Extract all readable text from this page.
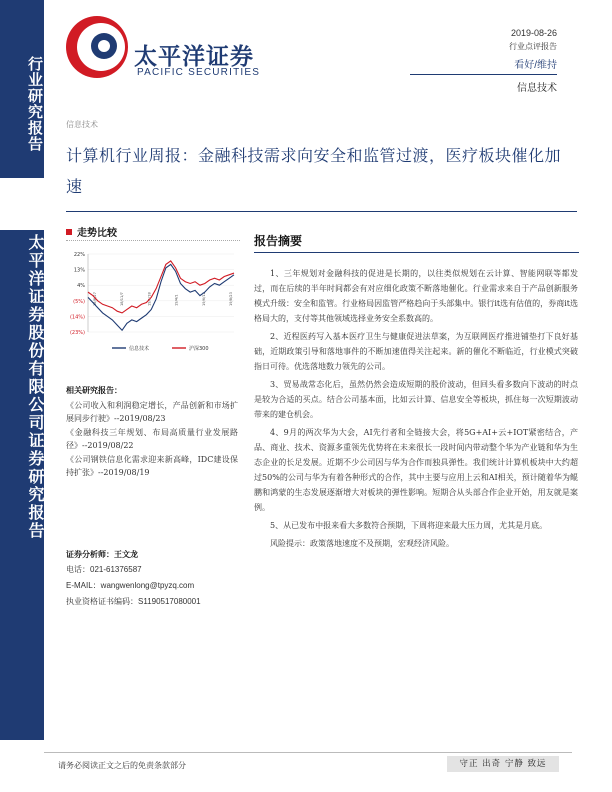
行业研究报告
太平洋证券股份有限公司证券研究报告
太平洋证券
PACIFIC SECURITIES
2019-08-26
行业点评报告
看好/维持
信息技术
信息技术
计算机行业周报：金融科技需求向安全和监管过渡，医疗板块催化加速
走势比较
22%
13%
4%
(5%)
(14%)
(23%)
18/8/27	18/11/7	19/1/18	19/4/1	19/6/12	19/8/23
信息技术	沪深300
相关研究报告：
《公司收入和利润稳定增长，产品创新和市场扩展同步行驶》--2019/08/23
《金融科技三年规划、布局高质量行业发展路径》--2019/08/22
《公司钢铁信息化需求迎来新高峰，IDC建设保持扩张》--2019/08/19
证券分析师：王文龙
电话：021-61376587
E-MAIL：wangwenlong@tpyzq.com
执业资格证书编码：S1190517080001
报告摘要

1、三年规划对金融科技的促进是长期的，以往类似规划在云计算、智能网联等都发过，而在后续的半年时间都会有对应细化政策不断落地催化。行业需求来自于产品创新服务模式升级：安全和监管。行业格局因监管严格趋向于头部集中。银行it选有估值的，券商it选格局大的，支付等其他领域选择业务安全系数高的。

2、近程医药写入基本医疗卫生与健康促进法草案，为互联网医疗推进铺垫打下良好基础，近期政策引导和落地事件的不断加速值得关注起来。新的催化不断临近，行业模式突破指日可待。优选落地数力领先的公司。

3、贸易战常态化后，虽然仍然会造成短期的股价波动，但回头看多数向下波动的时点是较为合适的买点。结合公司基本面，比如云计算、信息安全等板块，抓住每一次短期波动带来的建仓机会。

4、9月的两次华为大会，AI先行者和全链接大会，将5G+AI+云+IOT紧密结合，产品、商业、技术、资源多重领先优势将在未来很长一段时间内带动整个华为产业链和华为生态企业的长足发展。近期不少公司因与华为合作而独具弹性。我们统计计算机板块中大约超过50%的公司与华为有着各种形式的合作，其中主要与应用上云和AI相关，预计随着华为鲲鹏和鸿蒙的生态发展逐渐增大对板块的弹性影响。短期合从头部合作企业开始，用友就是案例。

5、从已发布中报来看大多数符合预期，下周将迎来最大压力周，尤其是月底。

风险提示：政策落地速度不及预期，宏观经济风险。

请务必阅读正文之后的免责条款部分	守正 出奇 宁静 致远
